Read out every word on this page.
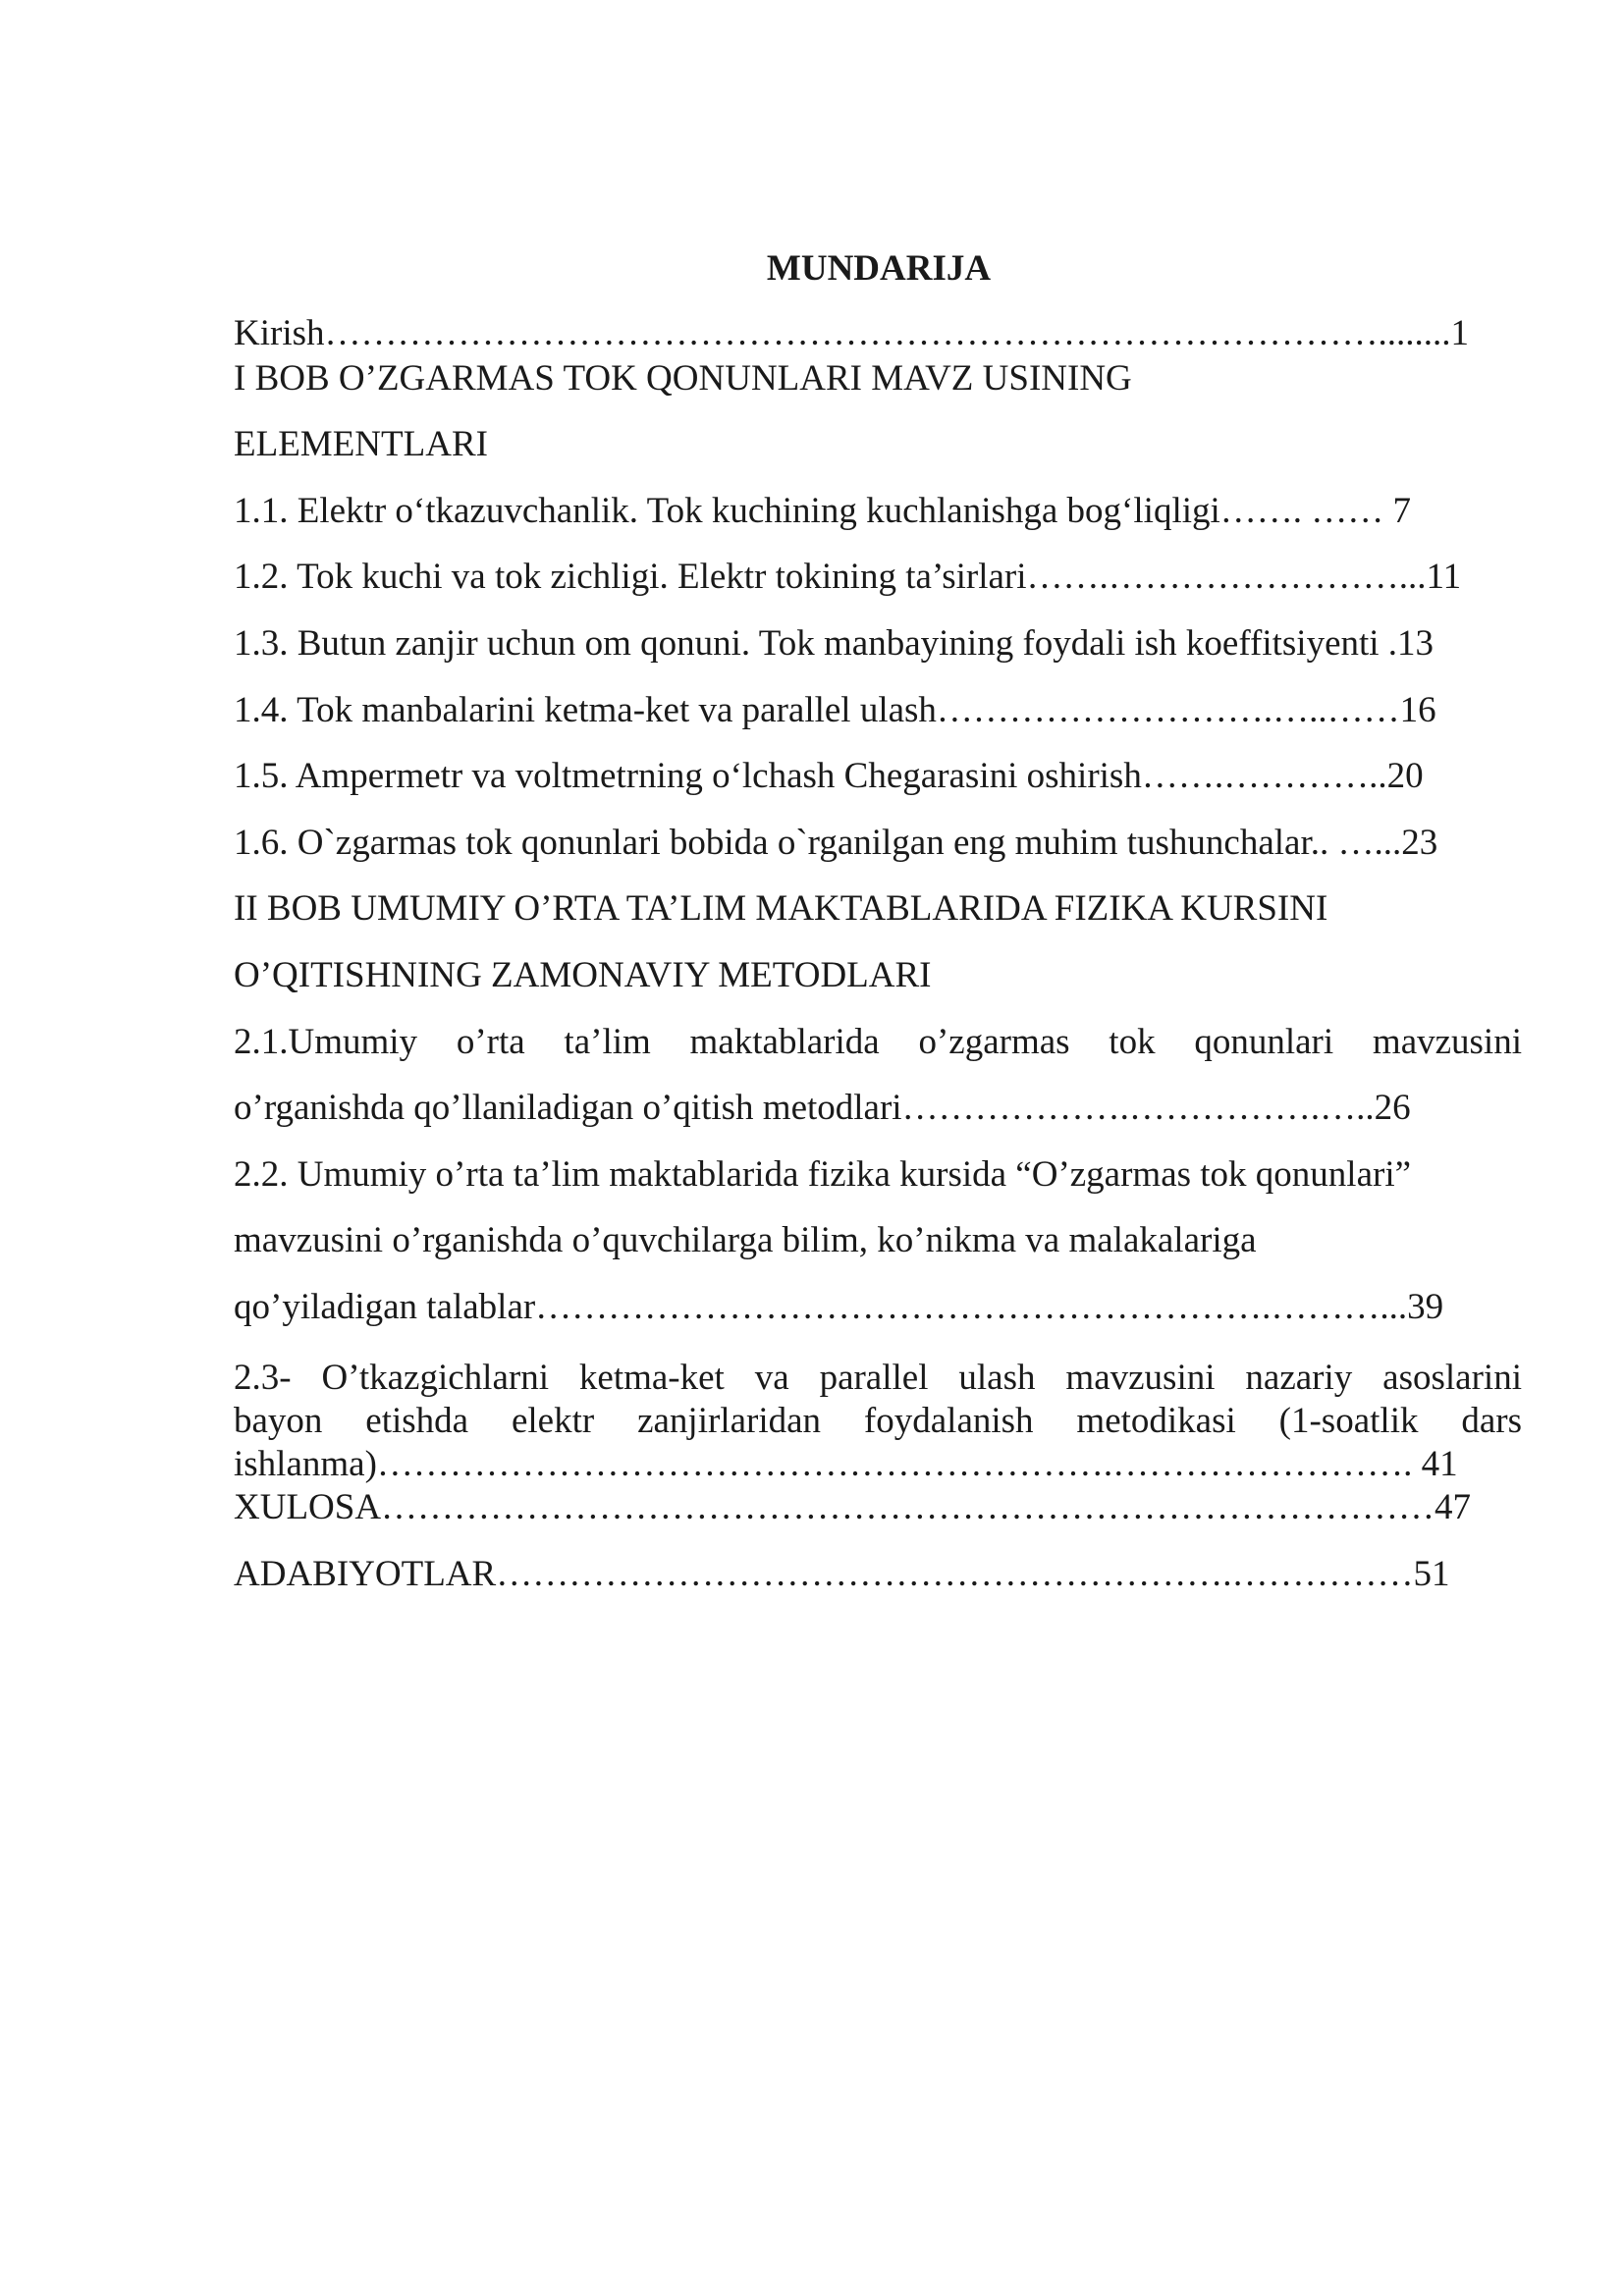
MUNDARIJA
Kirish……………………………………………………………………………........1
I BOB O’ZGARMAS TOK QONUNLARI MAVZ USINING
ELEMENTLARI
1.1. Elektr o‘tkazuvchanlik. Tok kuchining kuchlanishga bog‘liqligi……. …… 7
1.2. Tok kuchi va tok zichligi. Elektr tokining ta’sirlari…….……………………...11
1.3. Butun zanjir uchun om qonuni. Tok manbayining foydali ish koeffitsiyenti .13
1.4. Tok manbalarini ketma-ket va parallel ulash……………………….…..……16
1.5. Ampermetr va voltmetrning o‘lchash Chegarasini oshirish…….…………..20
1.6. O`zgarmas tok qonunlari bobida o`rganilgan eng muhim tushunchalar.. …...23
II BOB UMUMIY O’RTA TA’LIM MAKTABLARIDA FIZIKA KURSINI
O’QITISHNING ZAMONAVIY METODLARI
2.1.Umumiy o’rta ta’lim maktablarida o’zgarmas tok qonunlari mavzusini
o’rganishda qo’llaniladigan o’qitish metodlari……………….…………….…..26
2.2. Umumiy o’rta ta’lim maktablarida fizika kursida “O’zgarmas tok qonunlari”
mavzusini o’rganishda o’quvchilarga bilim, ko’nikma va malakalariga
qo’yiladigan talablar…………………………………………………….………...39
2.3- O’tkazgichlarni ketma-ket va parallel ulash mavzusini nazariy asoslarini
bayon etishda elektr zanjirlaridan foydalanish metodikasi (1-soatlik dars
ishlanma)…………………………………………………….……………………. 41
XULOSA……………………………………………………………………………47
ADABIYOTLAR…………………………………………………….……………51
